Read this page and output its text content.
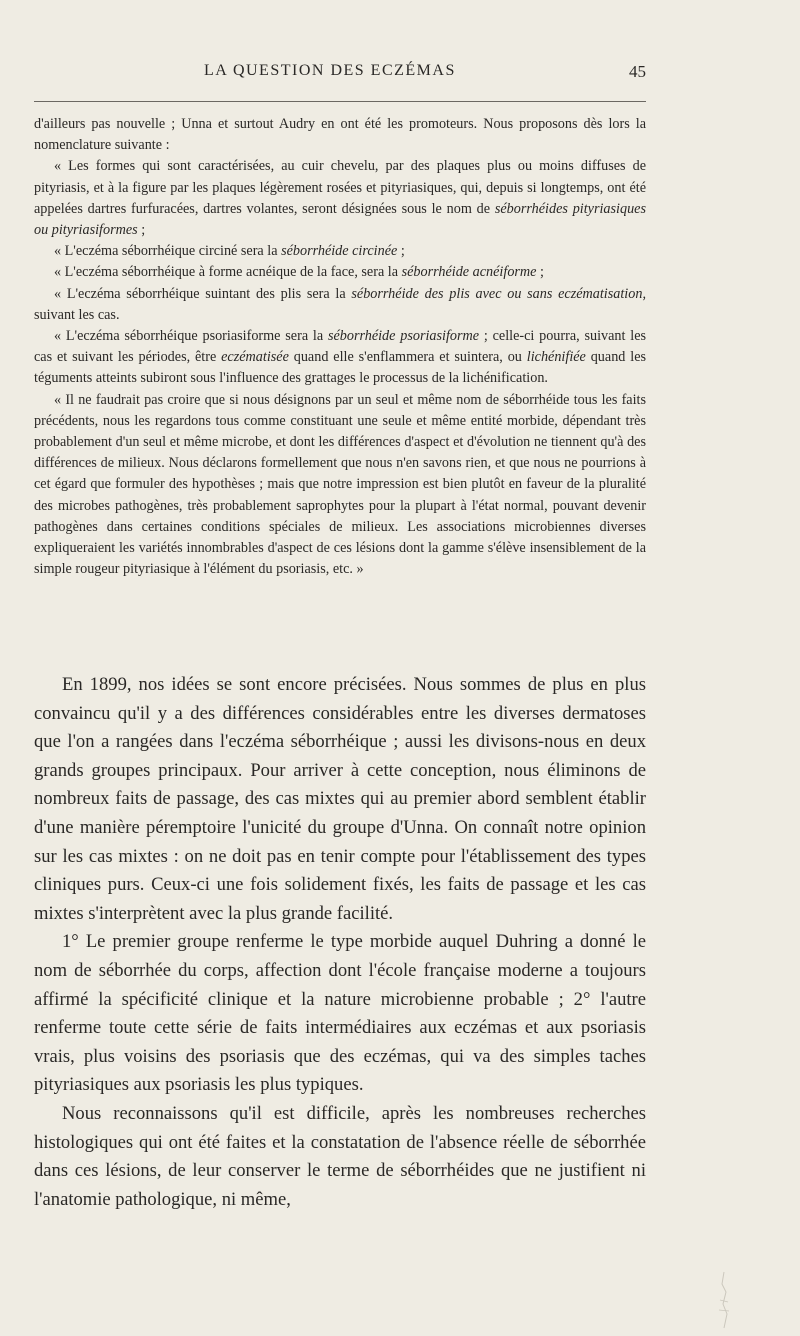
LA QUESTION DES ECZÉMAS	45

d'ailleurs pas nouvelle ; Unna et surtout Audry en ont été les promoteurs. Nous proposons dès lors la nomenclature suivante :

« Les formes qui sont caractérisées, au cuir chevelu, par des plaques plus ou moins diffuses de pityriasis, et à la figure par les plaques légèrement rosées et pityriasiques, qui, depuis si longtemps, ont été appelées dartres furfuracées, dartres volantes, seront désignées sous le nom de séborrhéides pityriasiques ou pityriasiformes ;

« L'eczéma séborrhéique circiné sera la séborrhéide circinée ;

« L'eczéma séborrhéique à forme acnéique de la face, sera la séborrhéide acnéiforme ;

« L'eczéma séborrhéique suintant des plis sera la séborrhéide des plis avec ou sans eczématisation, suivant les cas.

« L'eczéma séborrhéique psoriasiforme sera la séborrhéide psoriasiforme ; celle-ci pourra, suivant les cas et suivant les périodes, être eczématisée quand elle s'enflammera et suintera, ou lichénifiée quand les téguments atteints subiront sous l'influence des grattages le processus de la lichénification.

« Il ne faudrait pas croire que si nous désignons par un seul et même nom de séborrhéide tous les faits précédents, nous les regardons tous comme constituant une seule et même entité morbide, dépendant très probablement d'un seul et même microbe, et dont les différences d'aspect et d'évolution ne tiennent qu'à des différences de milieux. Nous déclarons formellement que nous n'en savons rien, et que nous ne pourrions à cet égard que formuler des hypothèses ; mais que notre impression est bien plutôt en faveur de la pluralité des microbes pathogènes, très probablement saprophytes pour la plupart à l'état normal, pouvant devenir pathogènes dans certaines conditions spéciales de milieux. Les associations microbiennes diverses expliqueraient les variétés innombrables d'aspect de ces lésions dont la gamme s'élève insensiblement de la simple rougeur pityriasique à l'élément du psoriasis, etc. »

En 1899, nos idées se sont encore précisées. Nous sommes de plus en plus convaincu qu'il y a des différences considérables entre les diverses dermatoses que l'on a rangées dans l'eczéma séborrhéique ; aussi les divisons-nous en deux grands groupes principaux. Pour arriver à cette conception, nous éliminons de nombreux faits de passage, des cas mixtes qui au premier abord semblent établir d'une manière péremptoire l'unicité du groupe d'Unna. On connaît notre opinion sur les cas mixtes : on ne doit pas en tenir compte pour l'établissement des types cliniques purs. Ceux-ci une fois solidement fixés, les faits de passage et les cas mixtes s'interprètent avec la plus grande facilité.

1° Le premier groupe renferme le type morbide auquel Duhring a donné le nom de séborrhée du corps, affection dont l'école française moderne a toujours affirmé la spécificité clinique et la nature microbienne probable ; 2° l'autre renferme toute cette série de faits intermédiaires aux eczémas et aux psoriasis vrais, plus voisins des psoriasis que des eczémas, qui va des simples taches pityriasiques aux psoriasis les plus typiques.

Nous reconnaissons qu'il est difficile, après les nombreuses recherches histologiques qui ont été faites et la constatation de l'absence réelle de séborrhée dans ces lésions, de leur conserver le terme de séborrhéides que ne justifient ni l'anatomie pathologique, ni même,
